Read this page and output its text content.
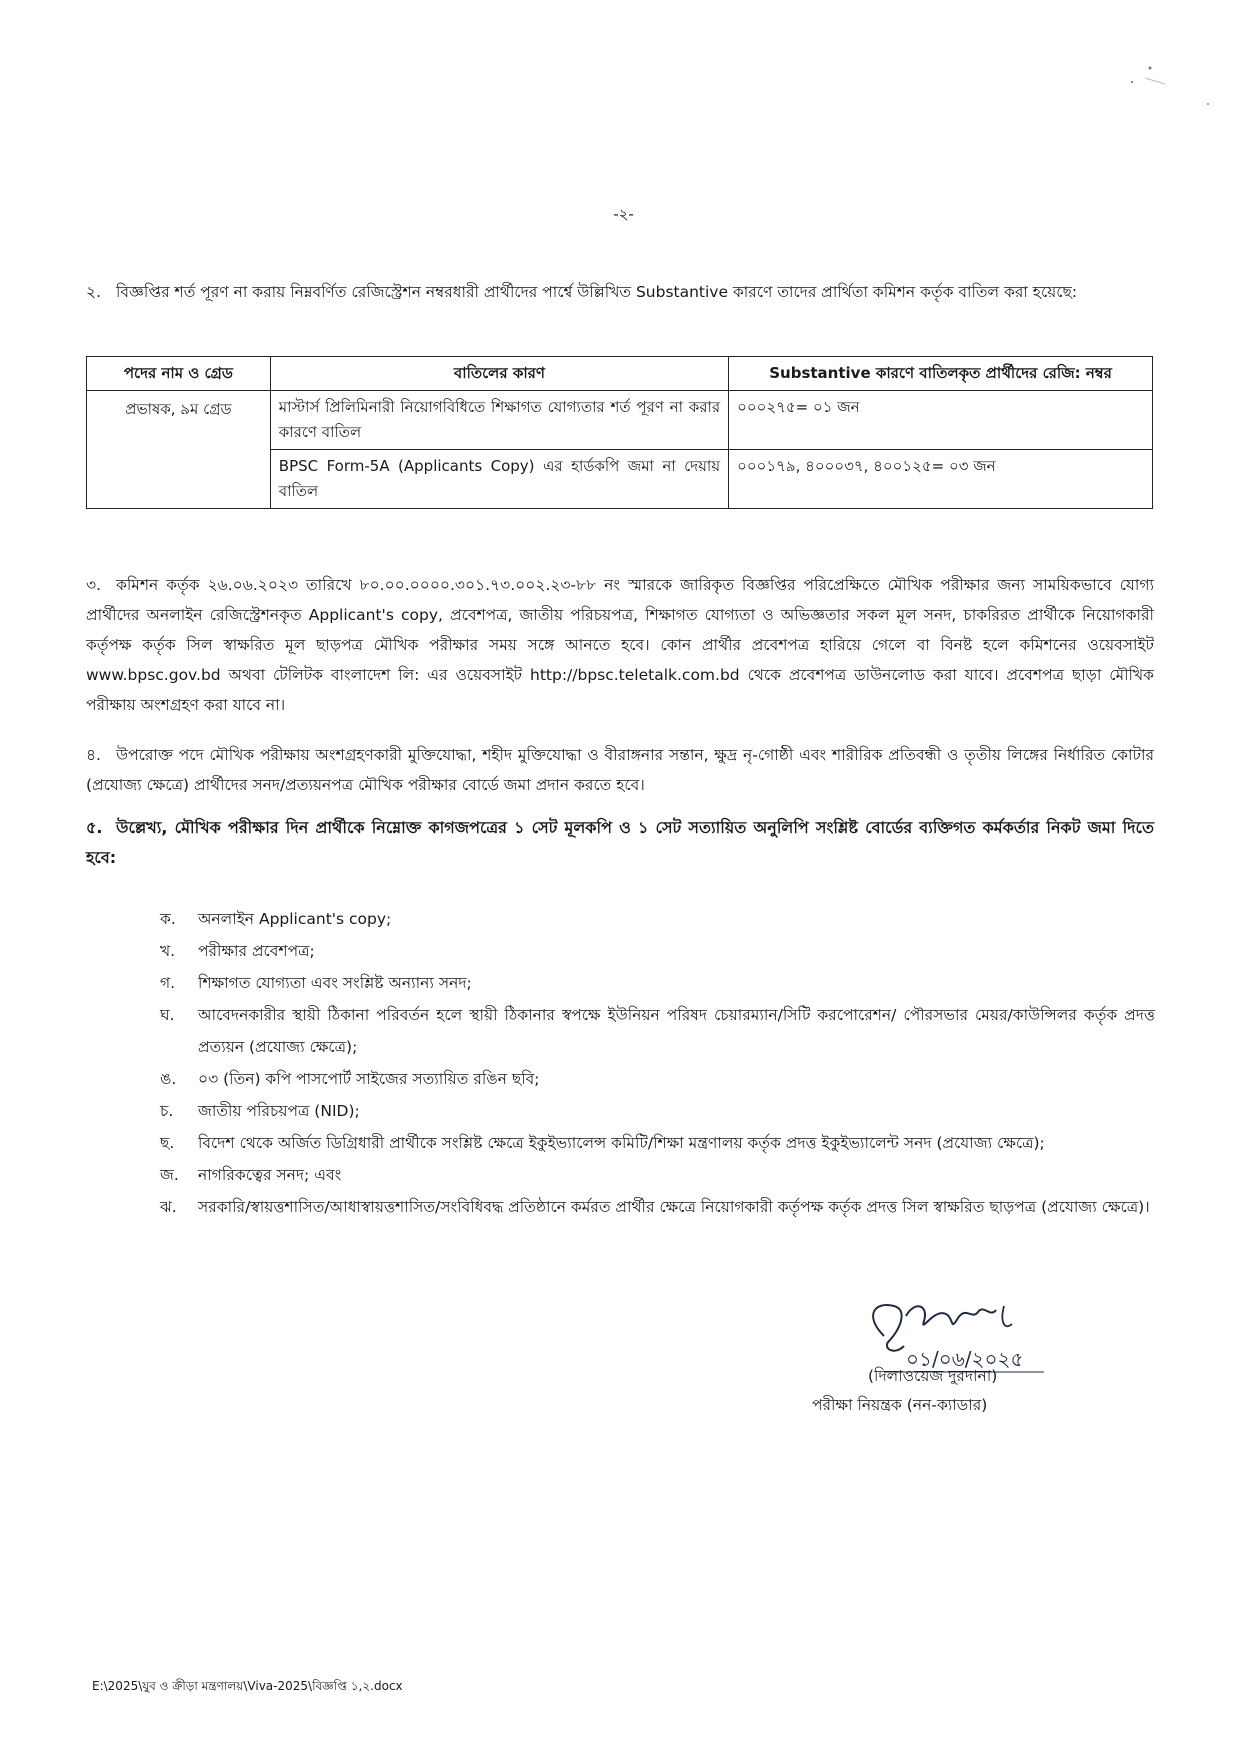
-২-

২. বিজ্ঞপ্তির শর্ত পূরণ না করায় নিম্নবর্ণিত রেজিস্ট্রেশন নম্বরধারী প্রার্থীদের পার্শ্বে উল্লিখিত Substantive কারণে তাদের প্রার্থিতা কমিশন কর্তৃক বাতিল করা হয়েছে:

পদের নাম ও গ্রেড	বাতিলের কারণ	Substantive কারণে বাতিলকৃত প্রার্থীদের রেজি: নম্বর
প্রভাষক, ৯ম গ্রেড	মাস্টার্স প্রিলিমিনারী নিয়োগবিধিতে শিক্ষাগত যোগ্যতার শর্ত পূরণ না করার কারণে বাতিল	০০০২৭৫= ০১ জন
	BPSC Form-5A (Applicants Copy) এর হার্ডকপি জমা না দেয়ায় বাতিল	০০০১৭৯, ৪০০০৩৭, ৪০০১২৫= ০৩ জন

৩. কমিশন কর্তৃক ২৬.০৬.২০২৩ তারিখে ৮০.০০.০০০০.৩০১.৭৩.০০২.২৩-৮৮ নং স্মারকে জারিকৃত বিজ্ঞপ্তির পরিপ্রেক্ষিতে মৌখিক পরীক্ষার জন্য সাময়িকভাবে যোগ্য প্রার্থীদের অনলাইন রেজিস্ট্রেশনকৃত Applicant's copy, প্রবেশপত্র, জাতীয় পরিচয়পত্র, শিক্ষাগত যোগ্যতা ও অভিজ্ঞতার সকল মূল সনদ, চাকরিরত প্রার্থীকে নিয়োগকারী কর্তৃপক্ষ কর্তৃক সিল স্বাক্ষরিত মূল ছাড়পত্র মৌখিক পরীক্ষার সময় সঙ্গে আনতে হবে। কোন প্রার্থীর প্রবেশপত্র হারিয়ে গেলে বা বিনষ্ট হলে কমিশনের ওয়েবসাইট www.bpsc.gov.bd অথবা টেলিটক বাংলাদেশ লি: এর ওয়েবসাইট http://bpsc.teletalk.com.bd থেকে প্রবেশপত্র ডাউনলোড করা যাবে। প্রবেশপত্র ছাড়া মৌখিক পরীক্ষায় অংশগ্রহণ করা যাবে না।

৪. উপরোক্ত পদে মৌখিক পরীক্ষায় অংশগ্রহণকারী মুক্তিযোদ্ধা, শহীদ মুক্তিযোদ্ধা ও বীরাঙ্গনার সন্তান, ক্ষুদ্র নৃ-গোষ্ঠী এবং শারীরিক প্রতিবন্ধী ও তৃতীয় লিঙ্গের নির্ধারিত কোটার (প্রযোজ্য ক্ষেত্রে) প্রার্থীদের সনদ/প্রত্যয়নপত্র মৌখিক পরীক্ষার বোর্ডে জমা প্রদান করতে হবে।

৫. উল্লেখ্য, মৌখিক পরীক্ষার দিন প্রার্থীকে নিম্নোক্ত কাগজপত্রের ১ সেট মূলকপি ও ১ সেট সত্যায়িত অনুলিপি সংশ্লিষ্ট বোর্ডের ব্যক্তিগত কর্মকর্তার নিকট জমা দিতে হবে:

ক.	অনলাইন Applicant's copy;
খ.	পরীক্ষার প্রবেশপত্র;
গ.	শিক্ষাগত যোগ্যতা এবং সংশ্লিষ্ট অন্যান্য সনদ;
ঘ.	আবেদনকারীর স্থায়ী ঠিকানা পরিবর্তন হলে স্থায়ী ঠিকানার স্বপক্ষে ইউনিয়ন পরিষদ চেয়ারম্যান/সিটি করপোরেশন/ পৌরসভার মেয়র/কাউন্সিলর কর্তৃক প্রদত্ত প্রত্যয়ন (প্রযোজ্য ক্ষেত্রে);
ঙ.	০৩ (তিন) কপি পাসপোর্ট সাইজের সত্যায়িত রঙিন ছবি;
চ.	জাতীয় পরিচয়পত্র (NID);
ছ.	বিদেশ থেকে অর্জিত ডিগ্রিধারী প্রার্থীকে সংশ্লিষ্ট ক্ষেত্রে ইকুইভ্যালেন্স কমিটি/শিক্ষা মন্ত্রণালয় কর্তৃক প্রদত্ত ইকুইভ্যালেন্ট সনদ (প্রযোজ্য ক্ষেত্রে);
জ.	নাগরিকত্বের সনদ; এবং
ঝ.	সরকারি/স্বায়ত্তশাসিত/আধাস্বায়ত্তশাসিত/সংবিধিবদ্ধ প্রতিষ্ঠানে কর্মরত প্রার্থীর ক্ষেত্রে নিয়োগকারী কর্তৃপক্ষ কর্তৃক প্রদত্ত সিল স্বাক্ষরিত ছাড়পত্র (প্রযোজ্য ক্ষেত্রে)।
০১/০৬/২০২৫
(দিলাওয়েজ দুরদানা)
পরীক্ষা নিয়ন্ত্রক (নন-ক্যাডার)
E:\2025\যুব ও ক্রীড়া মন্ত্রণালয়\Viva-2025\বিজ্ঞপ্তি ১,২.docx
